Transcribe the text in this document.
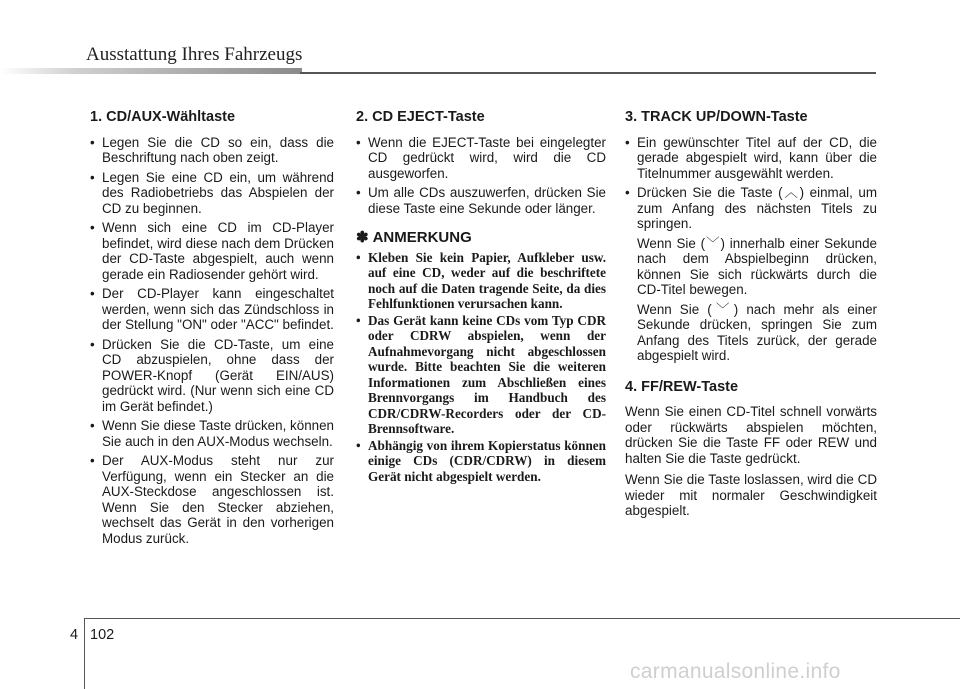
Ausstattung Ihres Fahrzeugs
1. CD/AUX-Wähltaste
• Legen Sie die CD so ein, dass die Beschriftung nach oben zeigt.
• Legen Sie eine CD ein, um während des Radiobetriebs das Abspielen der CD zu beginnen.
• Wenn sich eine CD im CD-Player befindet, wird diese nach dem Drücken der CD-Taste abgespielt, auch wenn gerade ein Radiosender gehört wird.
• Der CD-Player kann eingeschaltet werden, wenn sich das Zündschloss in der Stellung "ON" oder "ACC" befindet.
• Drücken Sie die CD-Taste, um eine CD abzuspielen, ohne dass der POWER-Knopf (Gerät EIN/AUS) gedrückt wird. (Nur wenn sich eine CD im Gerät befindet.)
• Wenn Sie diese Taste drücken, können Sie auch in den AUX-Modus wechseln.
• Der AUX-Modus steht nur zur Verfügung, wenn ein Stecker an die AUX-Steckdose angeschlossen ist. Wenn Sie den Stecker abziehen, wechselt das Gerät in den vorherigen Modus zurück.
2. CD EJECT-Taste
• Wenn die EJECT-Taste bei eingelegter CD gedrückt wird, wird die CD ausgeworfen.
• Um alle CDs auszuwerfen, drücken Sie diese Taste eine Sekunde oder länger.
✽ ANMERKUNG
• Kleben Sie kein Papier, Aufkleber usw. auf eine CD, weder auf die beschriftete noch auf die Daten tragende Seite, da dies Fehlfunktionen verursachen kann.
• Das Gerät kann keine CDs vom Typ CDR oder CDRW abspielen, wenn der Aufnahmevorgang nicht abgeschlossen wurde. Bitte beachten Sie die weiteren Informationen zum Abschließen eines Brennvorgangs im Handbuch des CDR/CDRW-Recorders oder der CD-Brennsoftware.
• Abhängig von ihrem Kopierstatus können einige CDs (CDR/CDRW) in diesem Gerät nicht abgespielt werden.
3. TRACK UP/DOWN-Taste
• Ein gewünschter Titel auf der CD, die gerade abgespielt wird, kann über die Titelnummer ausgewählt werden.
• Drücken Sie die Taste (︿) einmal, um zum Anfang des nächsten Titels zu springen.

Wenn Sie (﹀) innerhalb einer Sekunde nach dem Abspielbeginn drücken, können Sie sich rückwärts durch die CD-Titel bewegen.

Wenn Sie (﹀) nach mehr als einer Sekunde drücken, springen Sie zum Anfang des Titels zurück, der gerade abgespielt wird.

4. FF/REW-Taste

Wenn Sie einen CD-Titel schnell vorwärts oder rückwärts abspielen möchten, drücken Sie die Taste FF oder REW und halten Sie die Taste gedrückt.

Wenn Sie die Taste loslassen, wird die CD wieder mit normaler Geschwindigkeit abgespielt.

4 102
carmanualsonline.info
